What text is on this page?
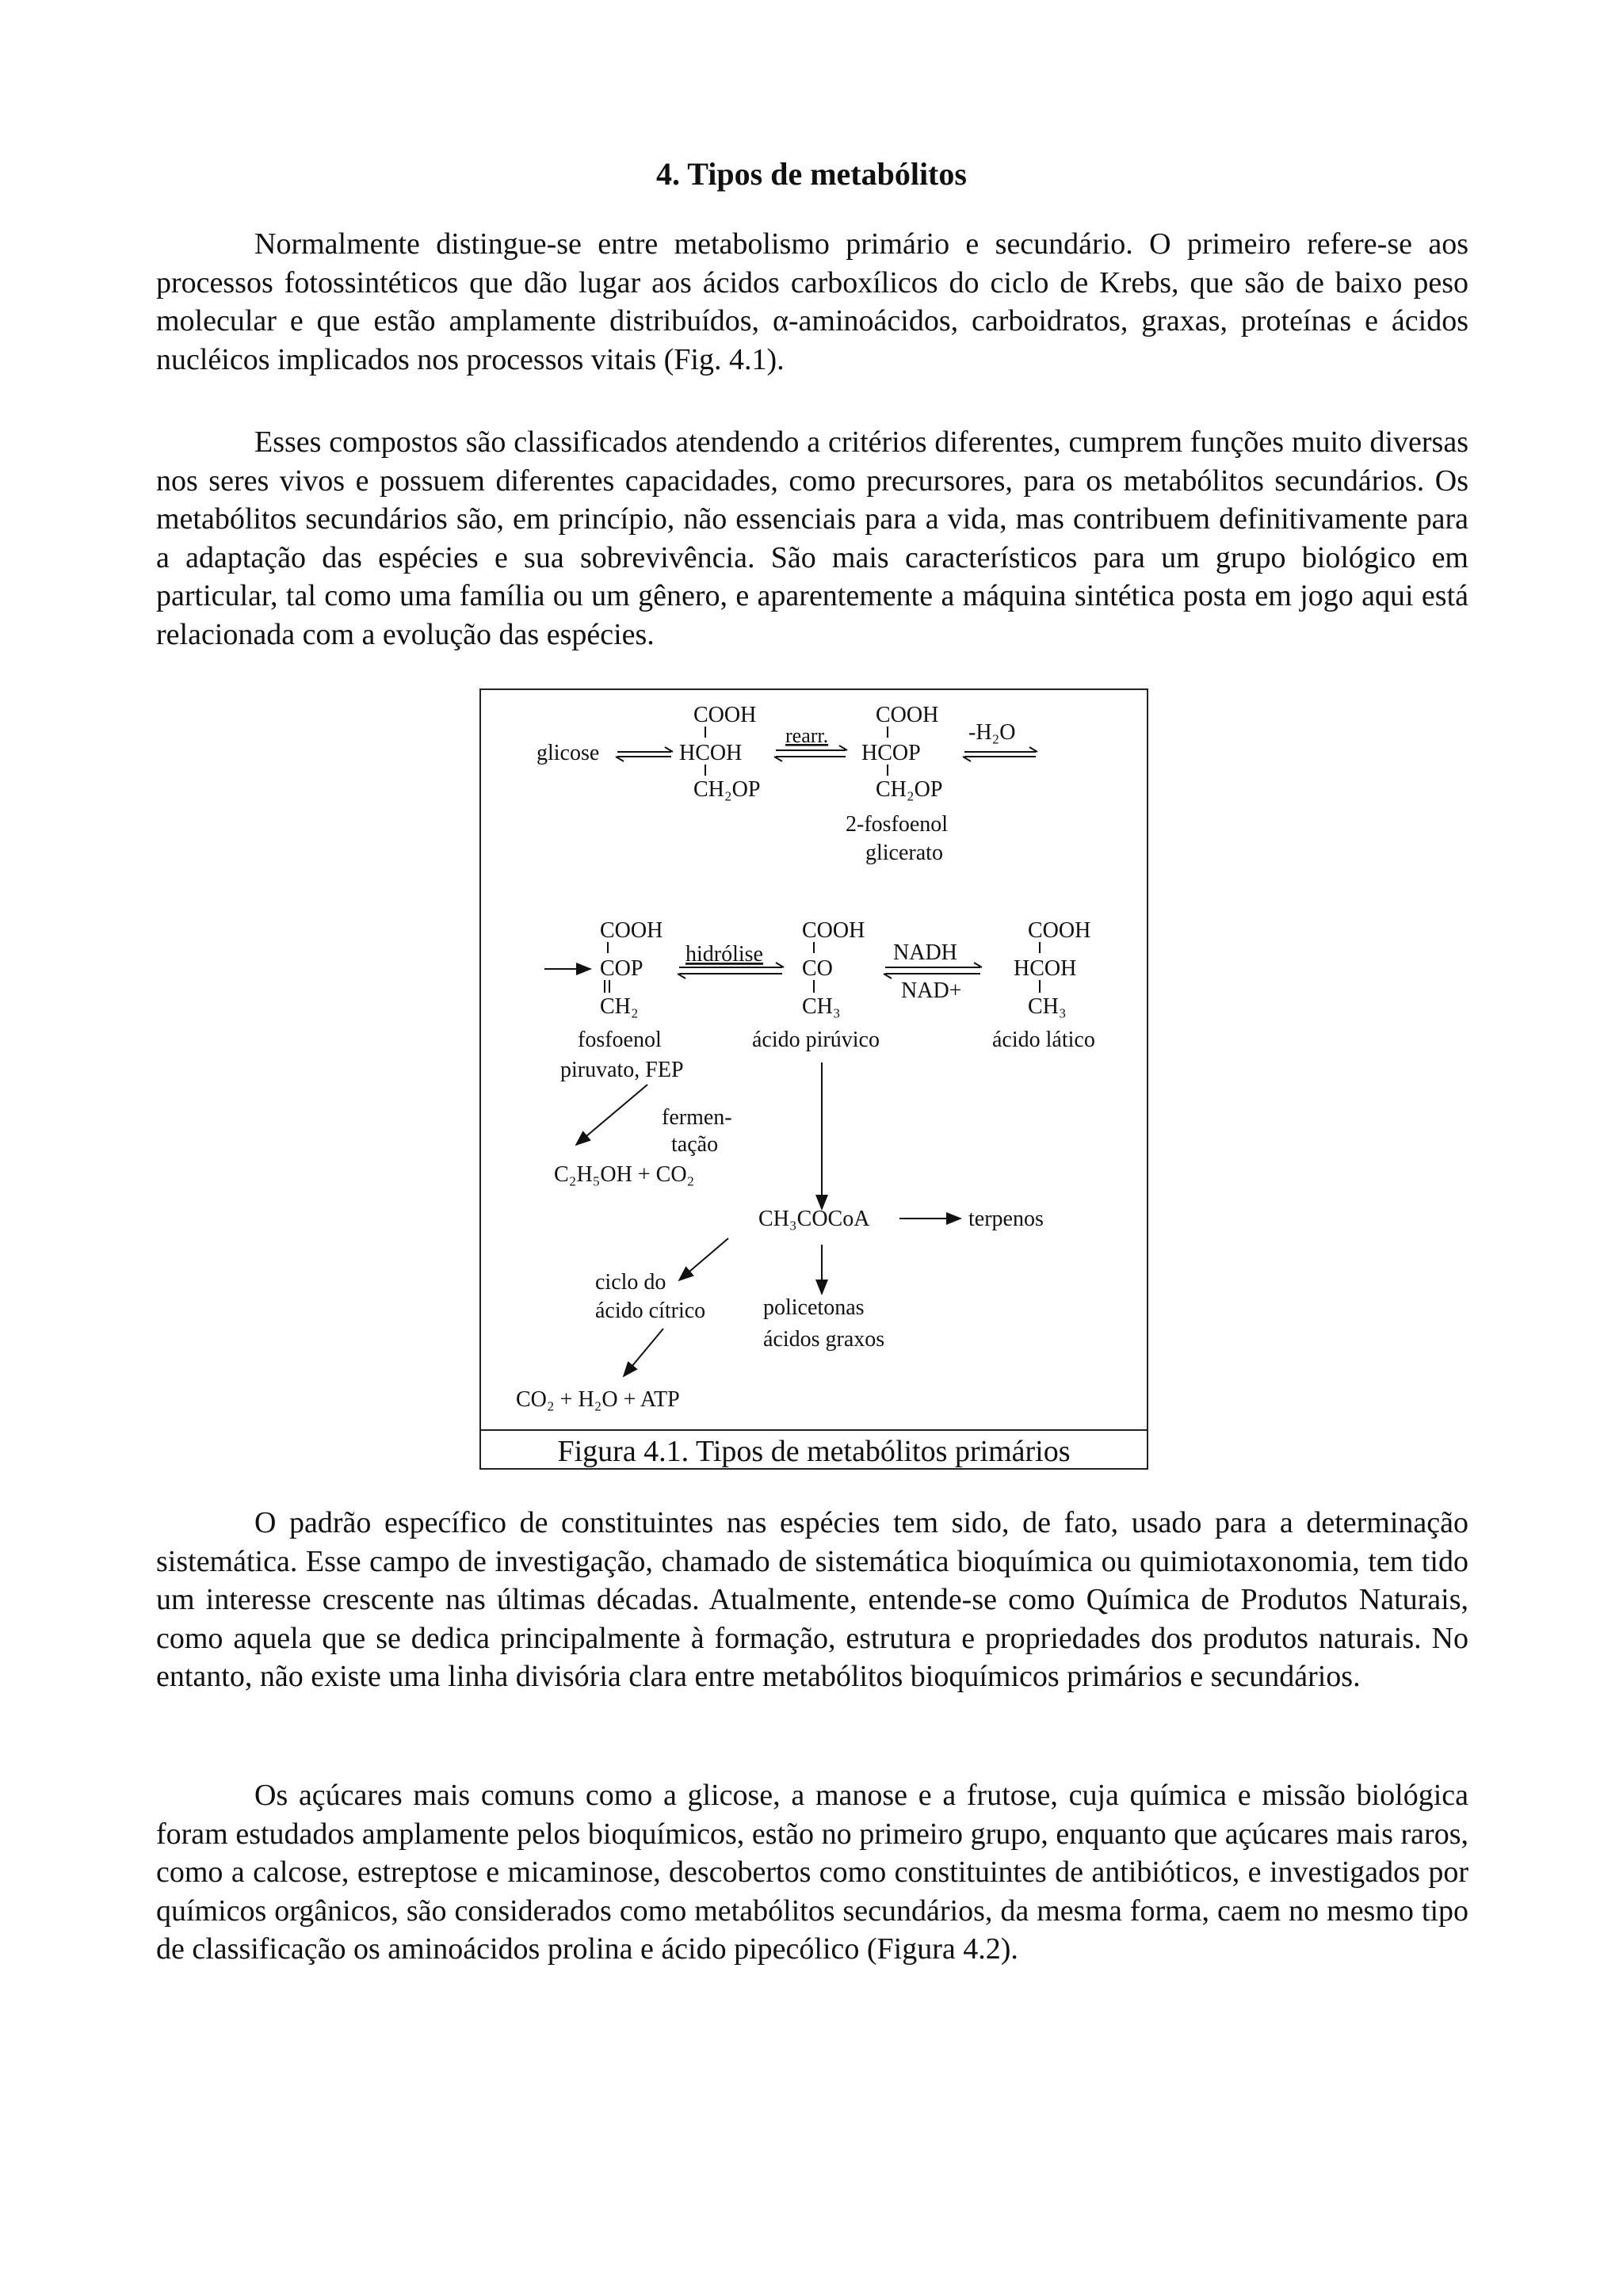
4. Tipos de metabólitos
Normalmente distingue-se entre metabolismo primário e secundário. O primeiro refere-se aos processos fotossintéticos que dão lugar aos ácidos carboxílicos do ciclo de Krebs, que são de baixo peso molecular e que estão amplamente distribuídos, α-aminoácidos, carboidratos, graxas, proteínas e ácidos nucléicos implicados nos processos vitais (Fig. 4.1).
Esses compostos são classificados atendendo a critérios diferentes, cumprem funções muito diversas nos seres vivos e possuem diferentes capacidades, como precursores, para os metabólitos secundários. Os metabólitos secundários são, em princípio, não essenciais para a vida, mas contribuem definitivamente para a adaptação das espécies e sua sobrevivência. São mais característicos para um grupo biológico em particular, tal como uma família ou um gênero, e aparentemente a máquina sintética posta em jogo aqui está relacionada com a evolução das espécies.
glicose
COOH
HCOH
CH₂OP
rearr.
COOH
HCOP
CH₂OP
2-fosfoenol
glicerato
-H₂O
COOH
COP
CH₂
fosfoenol
piruvato, FEP
hidrólise
COOH
CO
CH₃
ácido pirúvico
NADH
NAD+
COOH
HCOH
CH₃
ácido lático
fermen-
tação
C₂H₅OH + CO₂
CH₃COCoA	terpenos
ciclo do
ácido cítrico	policetonas
ácidos graxos
CO₂ + H₂O + ATP
Figura 4.1. Tipos de metabólitos primários
O padrão específico de constituintes nas espécies tem sido, de fato, usado para a determinação sistemática. Esse campo de investigação, chamado de sistemática bioquímica ou quimiotaxonomia, tem tido um interesse crescente nas últimas décadas. Atualmente, entende-se como Química de Produtos Naturais, como aquela que se dedica principalmente à formação, estrutura e propriedades dos produtos naturais. No entanto, não existe uma linha divisória clara entre metabólitos bioquímicos primários e secundários.
Os açúcares mais comuns como a glicose, a manose e a frutose, cuja química e missão biológica foram estudados amplamente pelos bioquímicos, estão no primeiro grupo, enquanto que açúcares mais raros, como a calcose, estreptose e micaminose, descobertos como constituintes de antibióticos, e investigados por químicos orgânicos, são considerados como metabólitos secundários, da mesma forma, caem no mesmo tipo de classificação os aminoácidos prolina e ácido pipecólico (Figura 4.2).
